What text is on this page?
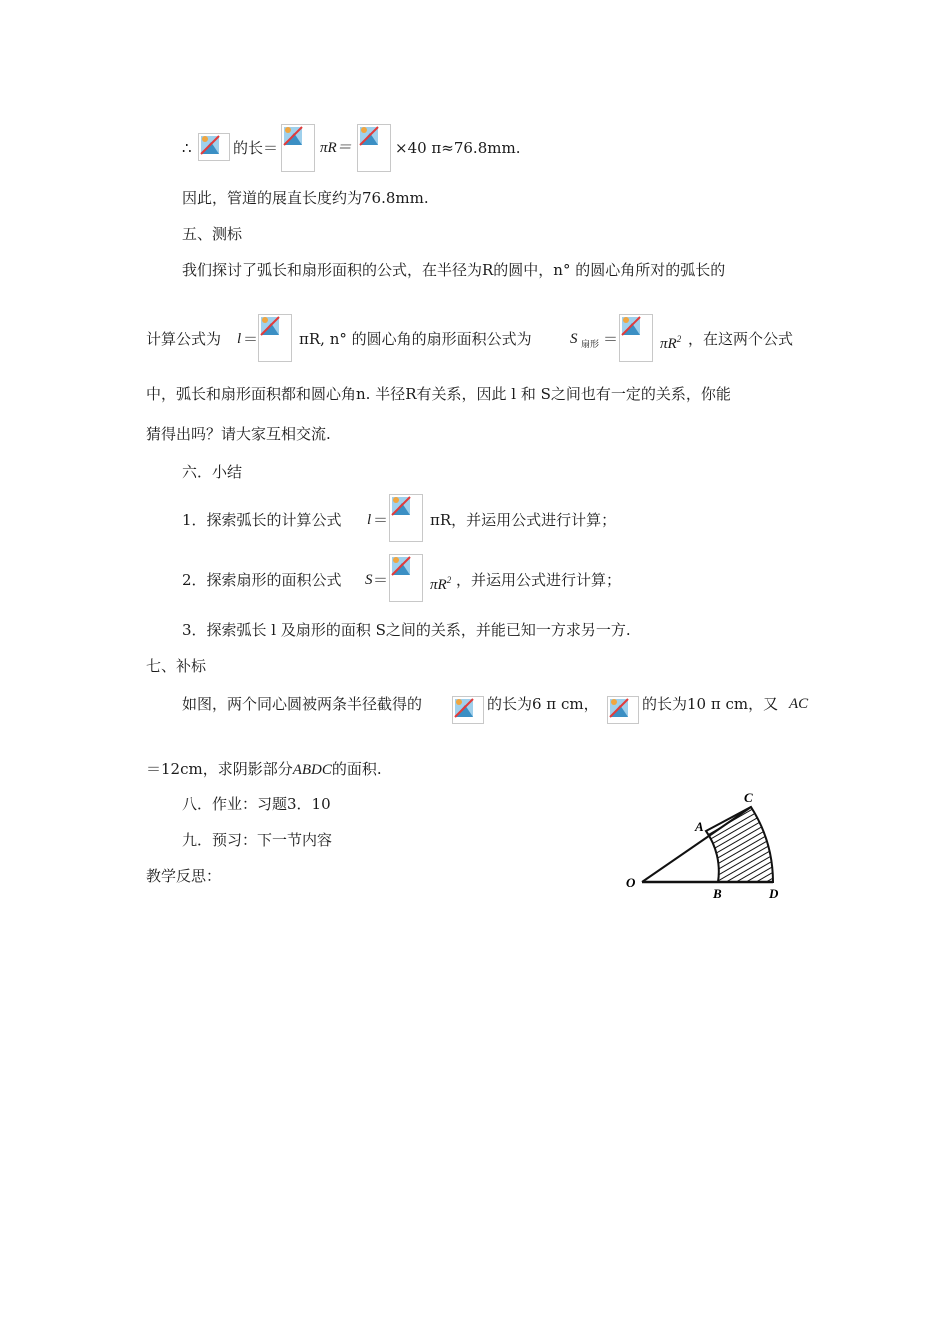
∴	的长＝	πR＝	×40 π≈76.8mm.
因此，管道的展直长度约为76.8mm.
五、测标
我们探讨了弧长和扇形面积的公式，在半径为R的圆中，n° 的圆心角所对的弧长的
计算公式为 l ＝	πR, n° 的圆心角的扇形面积公式为	S 扇形 ＝	$\pi R^2$ ，在这两个公式
中，弧长和扇形面积都和圆心角n. 半径R有关系，因此 l 和 S之间也有一定的关系，你能
猜得出吗？请大家互相交流.
六．小结
1．探索弧长的计算公式 l ＝	πR，并运用公式进行计算；
2．探索扇形的面积公式 S ＝	$\pi R^2$ ，并运用公式进行计算；
3．探索弧长 l 及扇形的面积 S之间的关系，并能已知一方求另一方.
七、补标
如图，两个同心圆被两条半径截得的	的长为6 π cm，	的长为10 π cm，又 AC
＝12cm，求阴影部分ABDC的面积.
八．作业：习题3．10
九．预习：下一节内容
教学反思：	O
A
B
C
D
